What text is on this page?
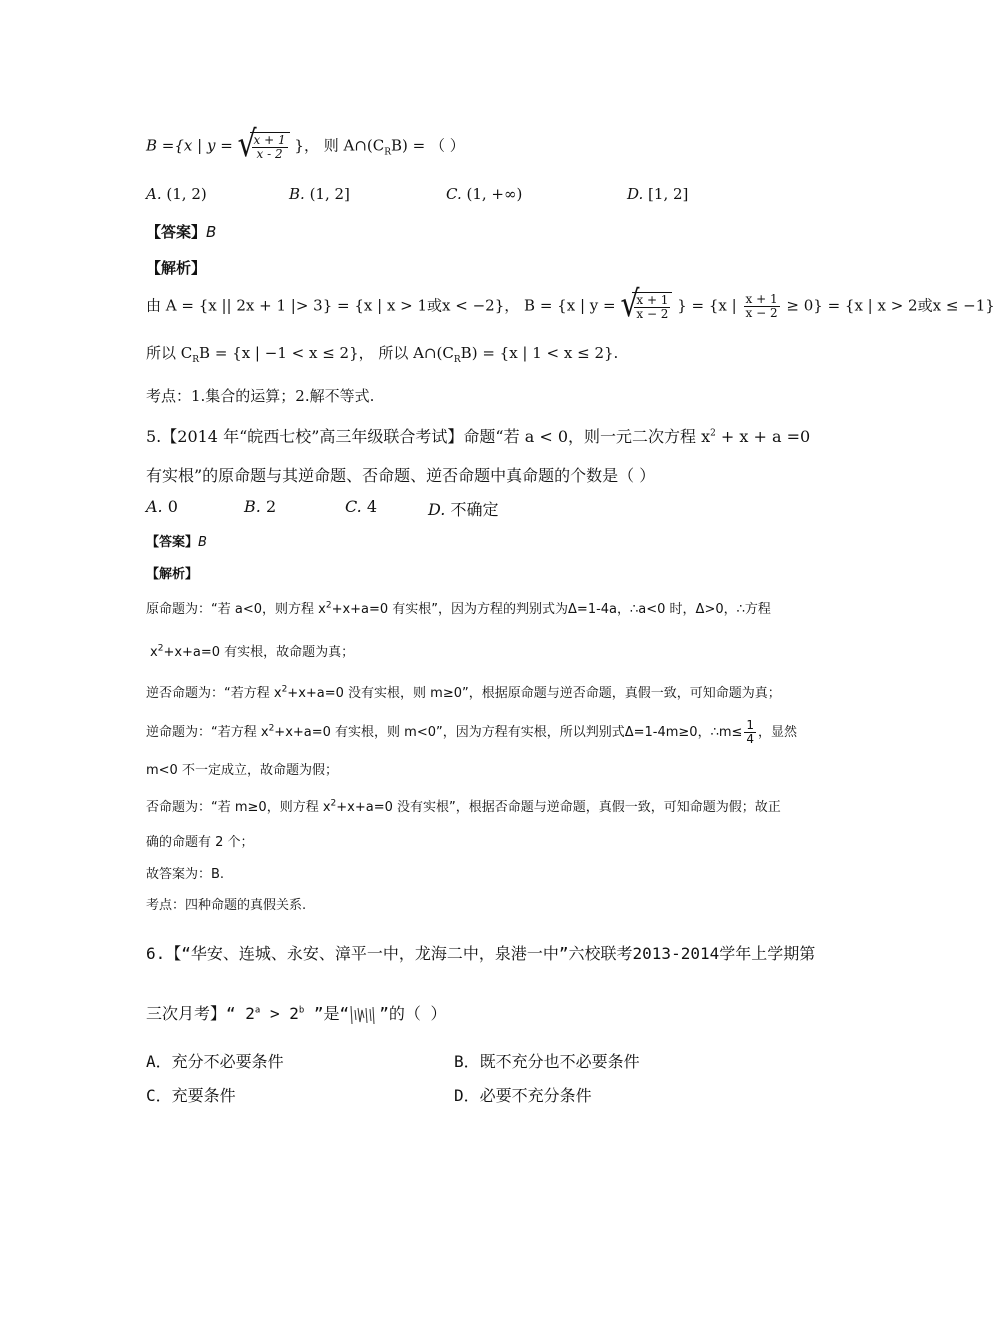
B ={x | y = √
$\frac{x + 1}{x - 2}$ }， 则 $A\cap(C_RB)$ = （ ）
A. (1, 2)	B. (1, 2]	C. (1, +∞)	D. [1, 2]
【答案】B
【解析】
由 A = {x || 2x + 1 |> 3} = {x | x > 1或x < −2}， B = {x | y = √
$\frac{x + 1}{x - 2}$ } = {x | $\frac{x + 1}{x - 2} \ge 0\} = \{x$ | x > 2或x ≤ −1}
所以 $C_RB = \{x$ | −1 < x ≤ 2}， 所以 $A\cap(C_RB) = \{x$ | 1 < x ≤ 2}.
考点：1.集合的运算；2.解不等式.
5.【2014 年“皖西七校”高三年级联合考试】命题“若 a < 0，则一元二次方程 $x^2 + x + a =0$
有实根”的原命题与其逆命题、否命题、逆否命题中真命题的个数是（ ）
A. 0	B. 2	C. 4	D. 不确定
【答案】B
【解析】
原命题为：“若 a<0，则方程 $x^2+x+a=0$ 有实根”，因为方程的判别式为Δ=1-4a，∴a<0 时，Δ>0，∴方程
$x^2+x+a=0$ 有实根，故命题为真；
逆否命题为：“若方程 $x^2+x+a=0$ 没有实根，则 m≥0”，根据原命题与逆否命题，真假一致，可知命题为真；
逆命题为：“若方程 $x^2+x+a=0$ 有实根，则 m<0”，因为方程有实根，所以判别式Δ=1-4m≥0，∴m≤ $\frac{1}{4}$ ，显然
m<0 不一定成立，故命题为假；
否命题为：“若 m≥0，则方程 $x^2+x+a=0$ 没有实根”，根据否命题与逆命题，真假一致，可知命题为假；故正
确的命题有 2 个；
故答案为：B.
考点：四种命题的真假关系.
6.【“华安、连城、永安、漳平一中，龙海二中，泉港一中”六校联考2013-2014学年上学期第
三次月考】“ $2^a > 2^b$ ”是“ ”的（ ）
A．充分不必要条件	B．既不充分也不必要条件
C．充要条件	D．必要不充分条件
